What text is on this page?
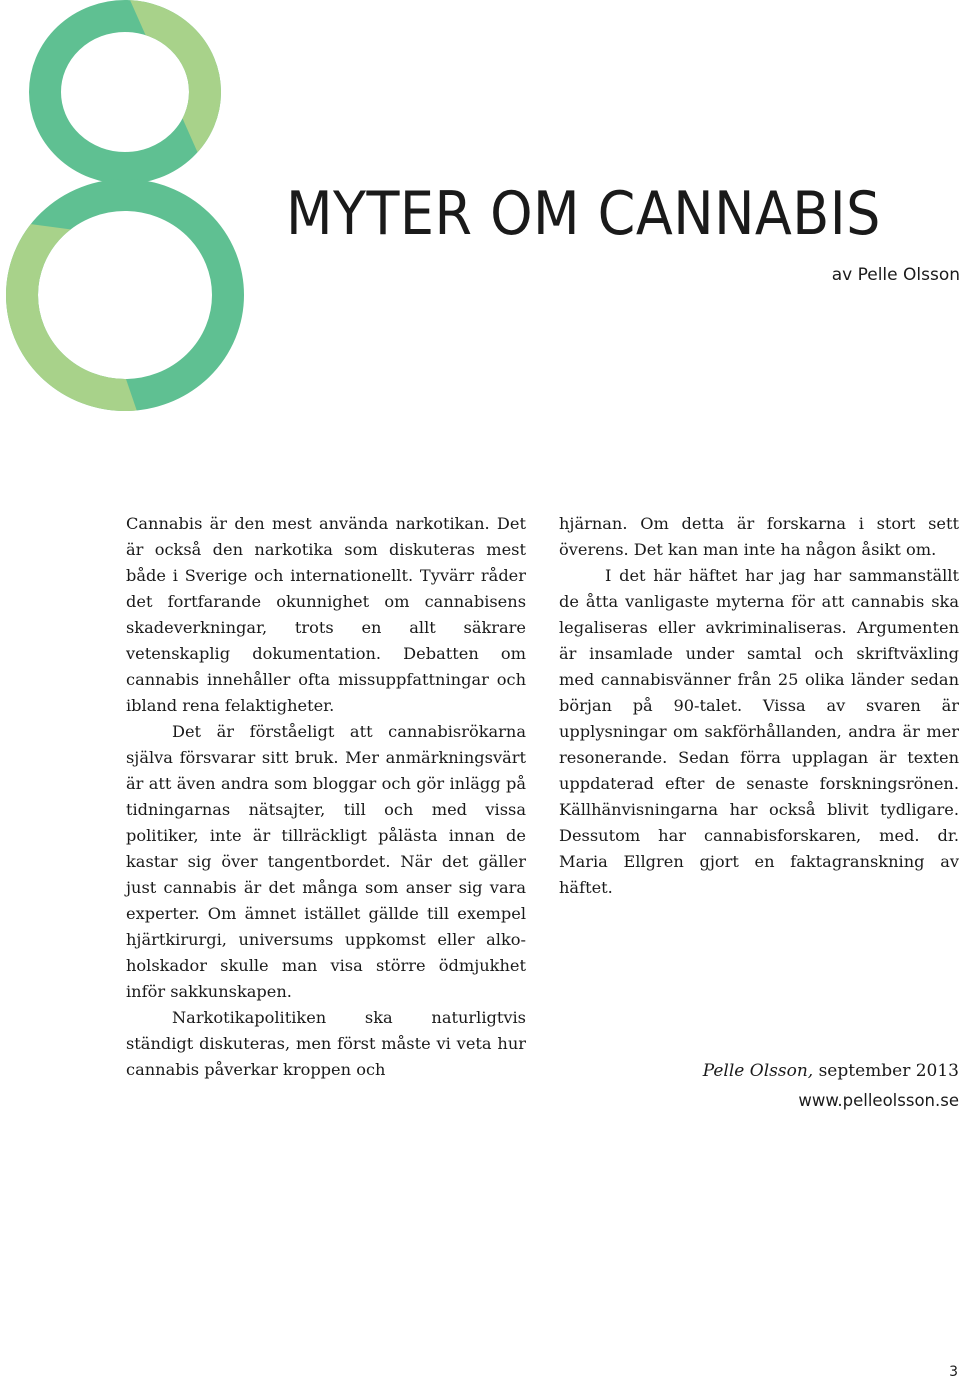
MYTER OM CANNABIS
av Pelle Olsson

Cannabis är den mest använda narkotikan. Det är också den narkotika som diskuteras mest både i Sverige och internationellt. Tyvärr råder det fortfarande okunnighet om cannabisens skadeverkningar, trots en allt säkrare vetenskaplig dokumentation. Debatten om cannabis innehåller ofta missuppfattningar och ibland rena felaktigheter.

Det är förståeligt att cannabisrökarna själva försvarar sitt bruk. Mer anmärkningsvärt är att även andra som bloggar och gör inlägg på tidningarnas nätsajter, till och med vissa politiker, inte är tillräckligt pålästa innan de kastar sig över tangentbordet. När det gäller just cannabis är det många som anser sig vara experter. Om ämnet istället gällde till exempel hjärtkirurgi, universums uppkomst eller alkoholskador skulle man visa större ödmjukhet inför sakkunskapen.

Narkotikapolitiken ska naturligtvis ständigt diskuteras, men först måste vi veta hur cannabis påverkar kroppen och

hjärnan. Om detta är forskarna i stort sett överens. Det kan man inte ha någon åsikt om.

I det här häftet har jag har sammanställt de åtta vanligaste myterna för att cannabis ska legaliseras eller avkriminaliseras. Argumenten är insamlade under samtal och skriftväxling med cannabisvänner från 25 olika länder sedan början på 90-talet. Vissa av svaren är upplysningar om sakförhållanden, andra är mer resonerande. Sedan förra upplagan är texten uppdaterad efter de senaste forskningsrönen. Källhänvisningarna har också blivit tydligare. Dessutom har cannabisforskaren, med. dr. Maria Ellgren gjort en faktagranskning av häftet.

Pelle Olsson, september 2013
www.pelleolsson.se
3
